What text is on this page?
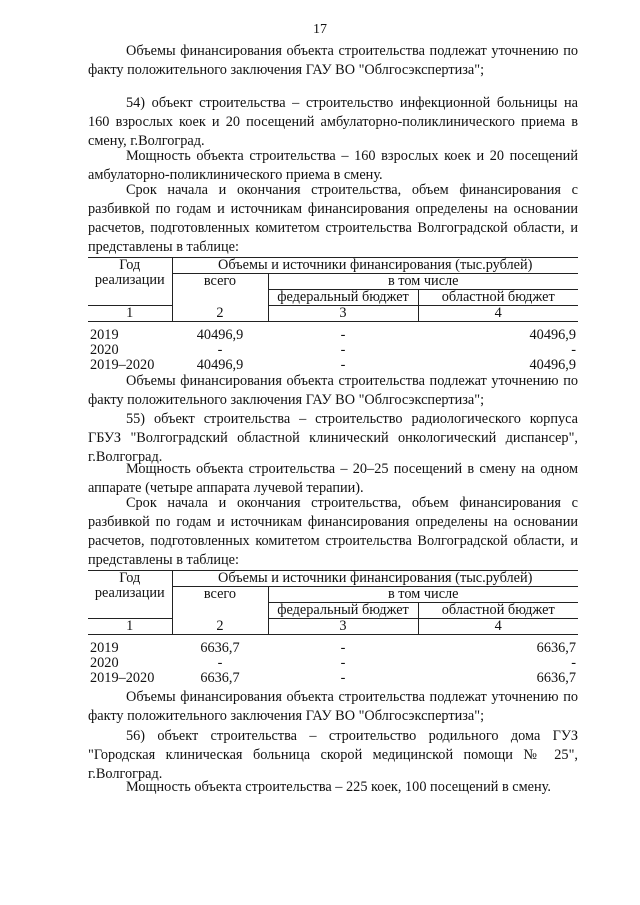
17

Объемы финансирования объекта строительства подлежат уточнению по факту положительного заключения ГАУ ВО "Облгосэкспертиза";

54) объект строительства – строительство инфекционной больницы на 160 взрослых коек и 20 посещений амбулаторно-поликлинического приема в смену, г.Волгоград.

Мощность объекта строительства – 160 взрослых коек и 20 посещений амбулаторно-поликлинического приема в смену.

Срок начала и окончания строительства, объем финансирования с разбивкой по годам и источникам финансирования определены на основании расчетов, подготовленных комитетом строительства Волгоградской области, и представлены в таблице:

Год реализации	Объемы и источники финансирования (тыс.рублей)		
	всего	в том числе	
		федеральный бюджет	областной бюджет
1	2	3	4

2019	40496,9	-	40496,9
2020	-	-	-
2019–2020	40496,9	-	40496,9

Объемы финансирования объекта строительства подлежат уточнению по факту положительного заключения ГАУ ВО "Облгосэкспертиза";

55) объект строительства – строительство радиологического корпуса ГБУЗ "Волгоградский областной клинический онкологический диспансер", г.Волгоград.

Мощность объекта строительства – 20–25 посещений в смену на одном аппарате (четыре аппарата лучевой терапии).

Срок начала и окончания строительства, объем финансирования с разбивкой по годам и источникам финансирования определены на основании расчетов, подготовленных комитетом строительства Волгоградской области, и представлены в таблице:

Год реализации	Объемы и источники финансирования (тыс.рублей)		
	всего	в том числе	
		федеральный бюджет	областной бюджет
1	2	3	4

2019	6636,7	-	6636,7
2020	-	-	-
2019–2020	6636,7	-	6636,7

Объемы финансирования объекта строительства подлежат уточнению по факту положительного заключения ГАУ ВО "Облгосэкспертиза";

56) объект строительства – строительство родильного дома ГУЗ "Городская клиническая больница скорой медицинской помощи № 25", г.Волгоград.

Мощность объекта строительства – 225 коек, 100 посещений в смену.
